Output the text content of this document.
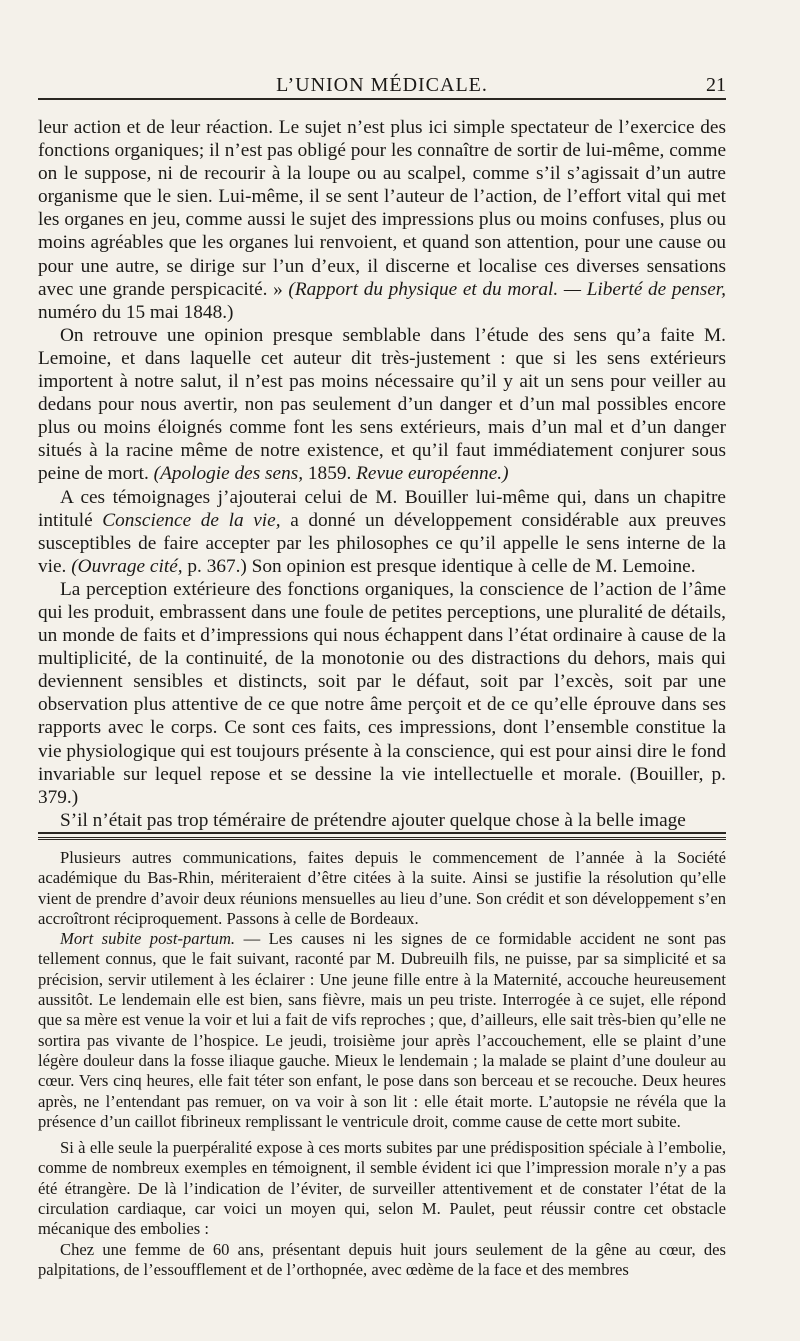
L’UNION MÉDICALE.	21

leur action et de leur réaction. Le sujet n’est plus ici simple spectateur de l’exercice des fonctions organiques; il n’est pas obligé pour les connaître de sortir de lui-même, comme on le suppose, ni de recourir à la loupe ou au scalpel, comme s’il s’agissait d’un autre organisme que le sien. Lui-même, il se sent l’auteur de l’action, de l’effort vital qui met les organes en jeu, comme aussi le sujet des impressions plus ou moins confuses, plus ou moins agréables que les organes lui renvoient, et quand son attention, pour une cause ou pour une autre, se dirige sur l’un d’eux, il discerne et localise ces diverses sensations avec une grande perspicacité. » (Rapport du physique et du moral. — Liberté de penser, numéro du 15 mai 1848.)

On retrouve une opinion presque semblable dans l’étude des sens qu’a faite M. Lemoine, et dans laquelle cet auteur dit très-justement : que si les sens extérieurs importent à notre salut, il n’est pas moins nécessaire qu’il y ait un sens pour veiller au dedans pour nous avertir, non pas seulement d’un danger et d’un mal possibles encore plus ou moins éloignés comme font les sens extérieurs, mais d’un mal et d’un danger situés à la racine même de notre existence, et qu’il faut immédiatement conjurer sous peine de mort. (Apologie des sens, 1859. Revue européenne.)

A ces témoignages j’ajouterai celui de M. Bouiller lui-même qui, dans un chapitre intitulé Conscience de la vie, a donné un développement considérable aux preuves susceptibles de faire accepter par les philosophes ce qu’il appelle le sens interne de la vie. (Ouvrage cité, p. 367.) Son opinion est presque identique à celle de M. Lemoine.

La perception extérieure des fonctions organiques, la conscience de l’action de l’âme qui les produit, embrassent dans une foule de petites perceptions, une pluralité de détails, un monde de faits et d’impressions qui nous échappent dans l’état ordinaire à cause de la multiplicité, de la continuité, de la monotonie ou des distractions du dehors, mais qui deviennent sensibles et distincts, soit par le défaut, soit par l’excès, soit par une observation plus attentive de ce que notre âme perçoit et de ce qu’elle éprouve dans ses rapports avec le corps. Ce sont ces faits, ces impressions, dont l’ensemble constitue la vie physiologique qui est toujours présente à la conscience, qui est pour ainsi dire le fond invariable sur lequel repose et se dessine la vie intellectuelle et morale. (Bouiller, p. 379.)

S’il n’était pas trop téméraire de prétendre ajouter quelque chose à la belle image

Plusieurs autres communications, faites depuis le commencement de l’année à la Société académique du Bas-Rhin, mériteraient d’être citées à la suite. Ainsi se justifie la résolution qu’elle vient de prendre d’avoir deux réunions mensuelles au lieu d’une. Son crédit et son développement s’en accroîtront réciproquement. Passons à celle de Bordeaux.

Mort subite post-partum. — Les causes ni les signes de ce formidable accident ne sont pas tellement connus, que le fait suivant, raconté par M. Dubreuilh fils, ne puisse, par sa simplicité et sa précision, servir utilement à les éclairer : Une jeune fille entre à la Maternité, accouche heureusement aussitôt. Le lendemain elle est bien, sans fièvre, mais un peu triste. Interrogée à ce sujet, elle répond que sa mère est venue la voir et lui a fait de vifs reproches ; que, d’ailleurs, elle sait très-bien qu’elle ne sortira pas vivante de l’hospice. Le jeudi, troisième jour après l’accouchement, elle se plaint d’une légère douleur dans la fosse iliaque gauche. Mieux le lendemain ; la malade se plaint d’une douleur au cœur. Vers cinq heures, elle fait téter son enfant, le pose dans son berceau et se recouche. Deux heures après, ne l’entendant pas remuer, on va voir à son lit : elle était morte. L’autopsie ne révéla que la présence d’un caillot fibrineux remplissant le ventricule droit, comme cause de cette mort subite.

Si à elle seule la puerpéralité expose à ces morts subites par une prédisposition spéciale à l’embolie, comme de nombreux exemples en témoignent, il semble évident ici que l’impression morale n’y a pas été étrangère. De là l’indication de l’éviter, de surveiller attentivement et de constater l’état de la circulation cardiaque, car voici un moyen qui, selon M. Paulet, peut réussir contre cet obstacle mécanique des embolies :

Chez une femme de 60 ans, présentant depuis huit jours seulement de la gêne au cœur, des palpitations, de l’essoufflement et de l’orthopnée, avec œdème de la face et des membres
